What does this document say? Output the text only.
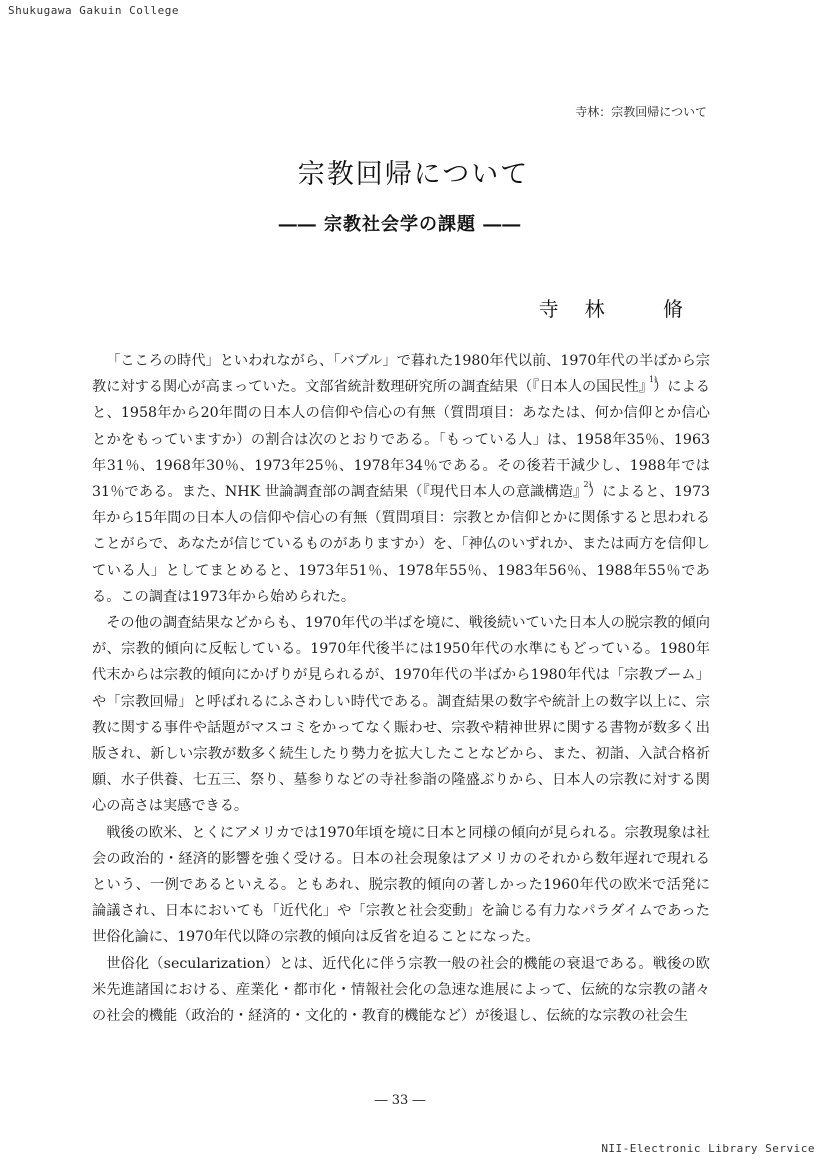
Shukugawa Gakuin College
寺林：宗教回帰について
宗教回帰について
―― 宗教社会学の課題 ――
寺林 脩

「こころの時代」といわれながら、「バブル」で暮れた1980年代以前、1970年代の半ばから宗教に対する関心が高まっていた。文部省統計数理研究所の調査結果（『日本人の国民性』$^{1)}$）によると、1958年から20年間の日本人の信仰や信心の有無（質問項目：あなたは、何か信仰とか信心とかをもっていますか）の割合は次のとおりである。「もっている人」は、1958年35％、1963年31％、1968年30％、1973年25％、1978年34％である。その後若干減少し、1988年では31％である。また、NHK 世論調査部の調査結果（『現代日本人の意識構造』$^{2)}$）によると、1973年から15年間の日本人の信仰や信心の有無（質問項目：宗教とか信仰とかに関係すると思われることがらで、あなたが信じているものがありますか）を、「神仏のいずれか、または両方を信仰している人」としてまとめると、1973年51％、1978年55％、1983年56％、1988年55％である。この調査は1973年から始められた。

その他の調査結果などからも、1970年代の半ばを境に、戦後続いていた日本人の脱宗教的傾向が、宗教的傾向に反転している。1970年代後半には1950年代の水準にもどっている。1980年代末からは宗教的傾向にかげりが見られるが、1970年代の半ばから1980年代は「宗教ブーム」や「宗教回帰」と呼ばれるにふさわしい時代である。調査結果の数字や統計上の数字以上に、宗教に関する事件や話題がマスコミをかってなく賑わせ、宗教や精神世界に関する書物が数多く出版され、新しい宗教が数多く続生したり勢力を拡大したことなどから、また、初詣、入試合格祈願、水子供養、七五三、祭り、墓参りなどの寺社参詣の隆盛ぶりから、日本人の宗教に対する関心の高さは実感できる。

戦後の欧米、とくにアメリカでは1970年頃を境に日本と同様の傾向が見られる。宗教現象は社会の政治的・経済的影響を強く受ける。日本の社会現象はアメリカのそれから数年遅れで現れるという、一例であるといえる。ともあれ、脱宗教的傾向の著しかった1960年代の欧米で活発に論議され、日本においても「近代化」や「宗教と社会変動」を論じる有力なパラダイムであった世俗化論に、1970年代以降の宗教的傾向は反省を迫ることになった。

世俗化（secularization）とは、近代化に伴う宗教一般の社会的機能の衰退である。戦後の欧米先進諸国における、産業化・都市化・情報社会化の急速な進展によって、伝統的な宗教の諸々の社会的機能（政治的・経済的・文化的・教育的機能など）が後退し、伝統的な宗教の社会生

― 33 ―
NII-Electronic Library Service
